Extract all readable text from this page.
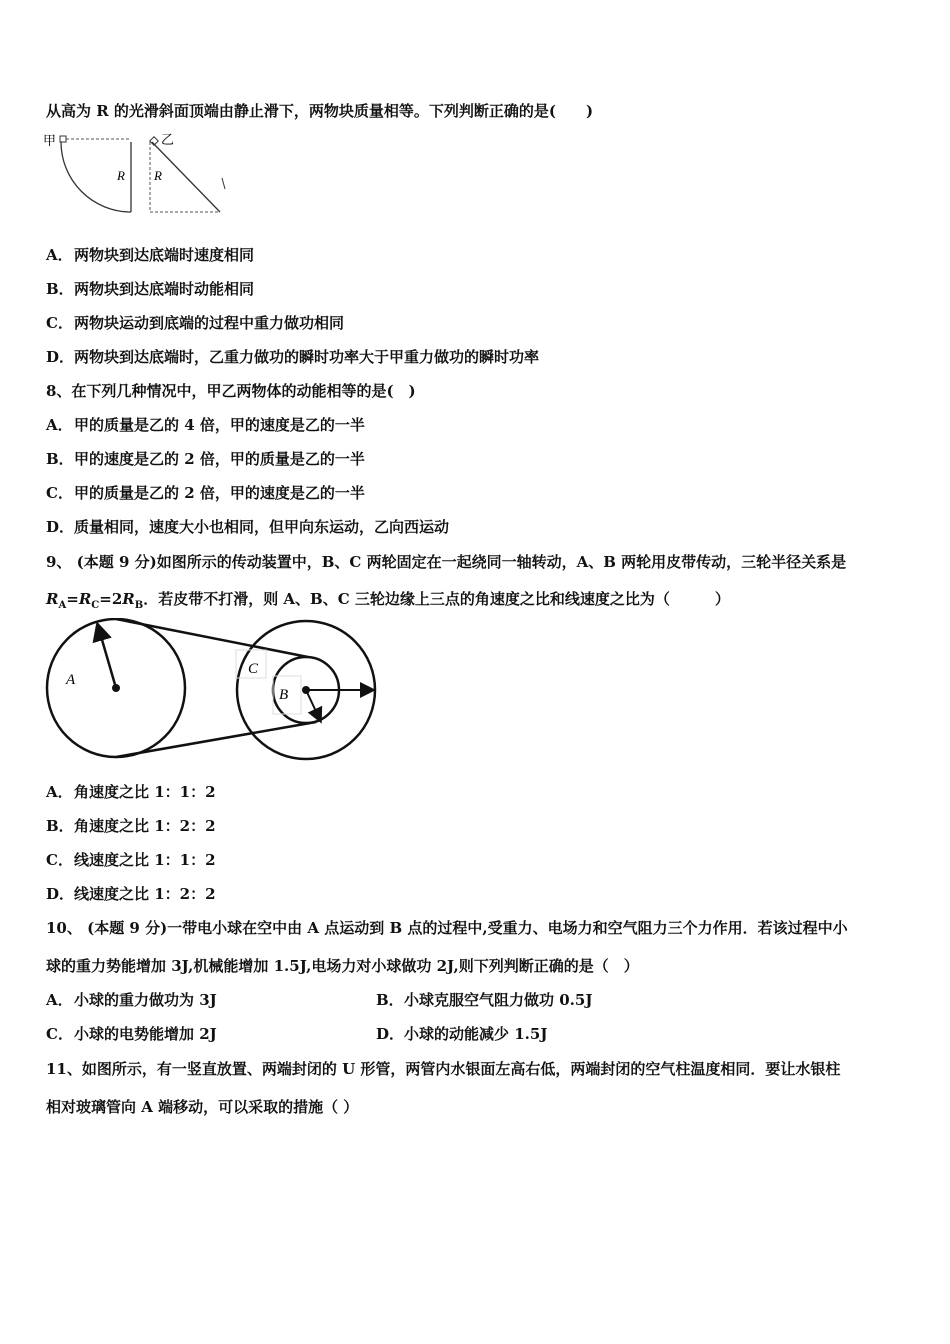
从高为 R 的光滑斜面顶端由静止滑下，两物块质量相等。下列判断正确的是(　　)
甲
R
乙
R
A．两物块到达底端时速度相同
B．两物块到达底端时动能相同
C．两物块运动到底端的过程中重力做功相同
D．两物块到达底端时，乙重力做功的瞬时功率大于甲重力做功的瞬时功率
8、在下列几种情况中，甲乙两物体的动能相等的是(　)
A．甲的质量是乙的 4 倍，甲的速度是乙的一半
B．甲的速度是乙的 2 倍，甲的质量是乙的一半
C．甲的质量是乙的 2 倍，甲的速度是乙的一半
D．质量相同，速度大小也相同，但甲向东运动，乙向西运动
9、 (本题 9 分)如图所示的传动装置中，B、C 两轮固定在一起绕同一轴转动，A、B 两轮用皮带传动，三轮半径关系是
$R_A=R_C=2R_B$．若皮带不打滑，则 A、B、C 三轮边缘上三点的角速度之比和线速度之比为（　　　）
A
C
B
A．角速度之比 1：1：2
B．角速度之比 1：2：2
C．线速度之比 1：1：2
D．线速度之比 1：2：2
10、 (本题 9 分)一带电小球在空中由 A 点运动到 B 点的过程中,受重力、电场力和空气阻力三个力作用．若该过程中小
球的重力势能增加 3J,机械能增加 1.5J,电场力对小球做功 2J,则下列判断正确的是（　）
A．小球的重力做功为 3J	B．小球克服空气阻力做功 0.5J
C．小球的电势能增加 2J	D．小球的动能减少 1.5J
11、如图所示，有一竖直放置、两端封闭的 U 形管，两管内水银面左高右低，两端封闭的空气柱温度相同．要让水银柱
相对玻璃管向 A 端移动，可以采取的措施（ ）
